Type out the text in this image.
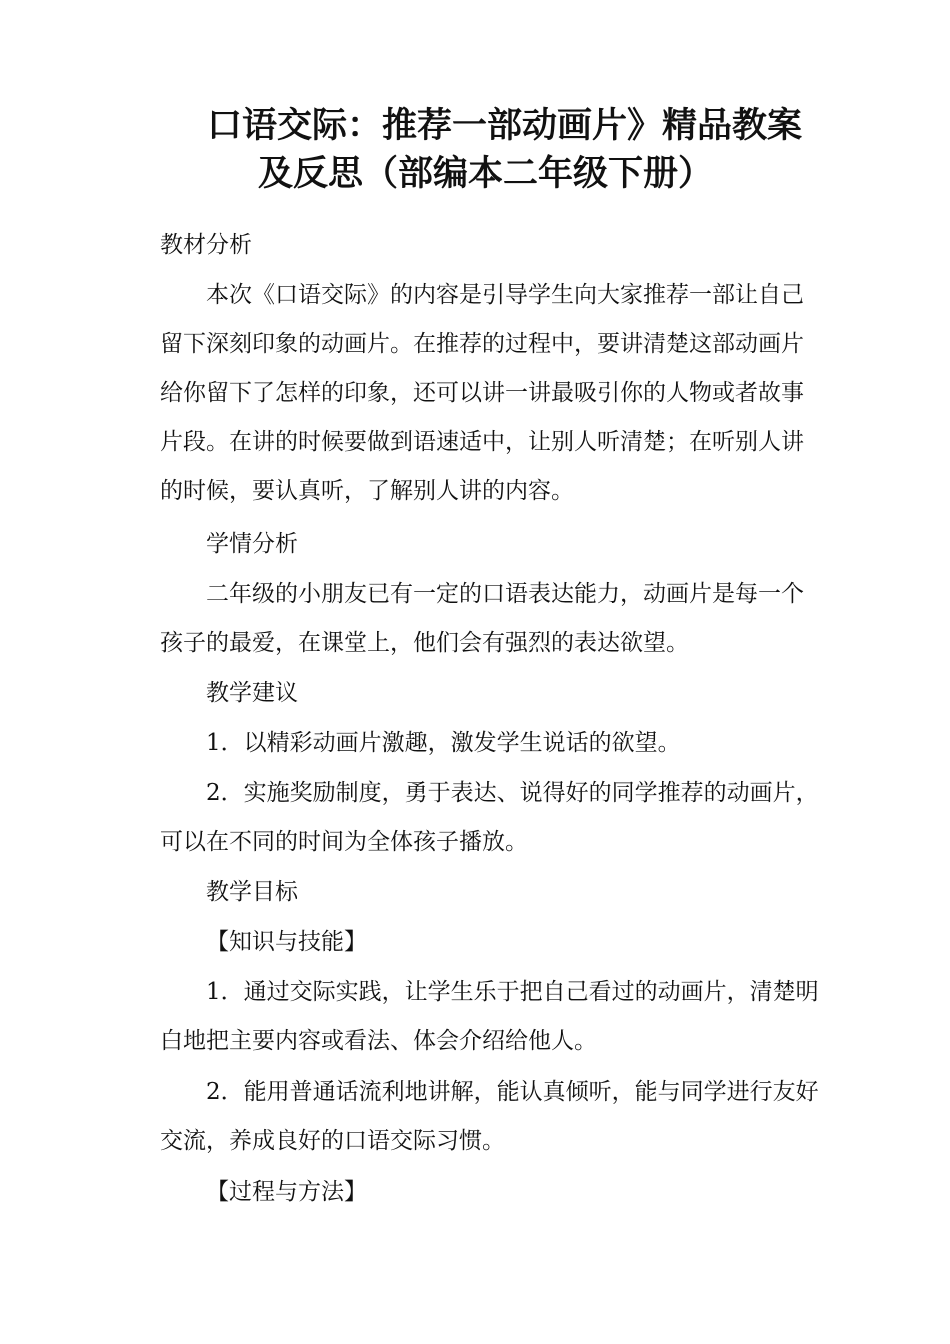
口语交际：推荐一部动画片》精品教案
及反思（部编本二年级下册）
教材分析

本次《口语交际》的内容是引导学生向大家推荐一部让自己留下深刻印象的动画片。在推荐的过程中，要讲清楚这部动画片给你留下了怎样的印象，还可以讲一讲最吸引你的人物或者故事片段。在讲的时候要做到语速适中，让别人听清楚；在听别人讲的时候，要认真听，了解别人讲的内容。

学情分析

二年级的小朋友已有一定的口语表达能力，动画片是每一个孩子的最爱，在课堂上，他们会有强烈的表达欲望。

教学建议

1．以精彩动画片激趣，激发学生说话的欲望。

2．实施奖励制度，勇于表达、说得好的同学推荐的动画片，可以在不同的时间为全体孩子播放。

教学目标
【知识与技能】

1．通过交际实践，让学生乐于把自己看过的动画片，清楚明白地把主要内容或看法、体会介绍给他人。

2．能用普通话流利地讲解，能认真倾听，能与同学进行友好交流，养成良好的口语交际习惯。

【过程与方法】
